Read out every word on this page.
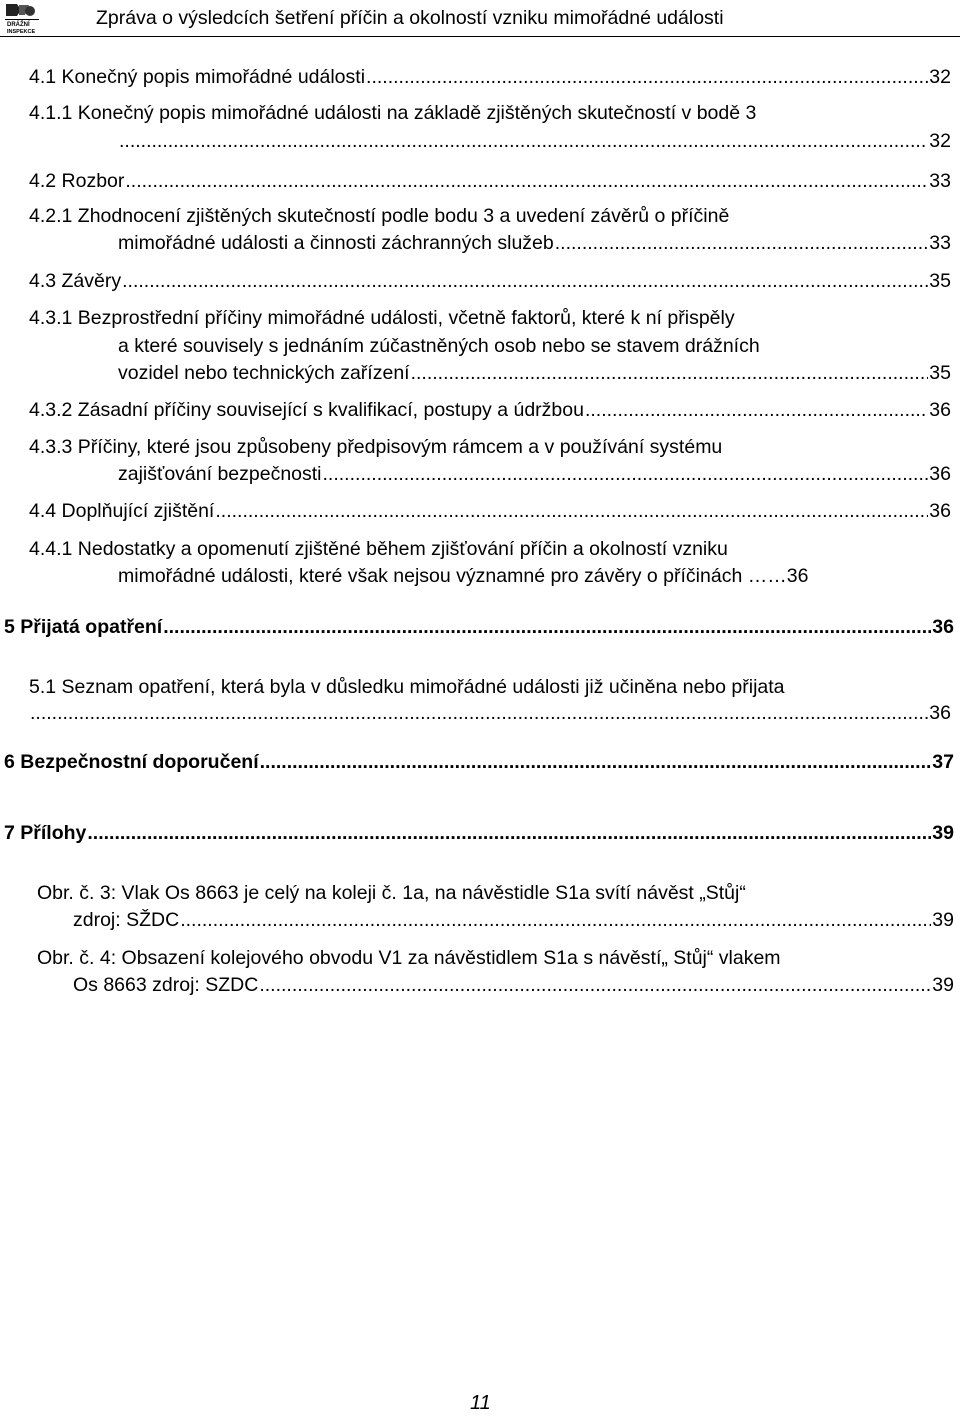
DRÁŽNÍ
INSPEKCE
Zpráva o výsledcích šetření příčin a okolností vzniku mimořádné události
4.1 Konečný popis mimořádné události .....	32
4.1.1 Konečný popis mimořádné události na základě zjištěných skutečností v bodě 3
.....
32
4.2 Rozbor .....	33
4.2.1 Zhodnocení zjištěných skutečností podle bodu 3 a uvedení závěrů o příčině
mimořádné události a činnosti záchranných služeb .....	33
4.3 Závěry .....	35
4.3.1 Bezprostřední příčiny mimořádné události, včetně faktorů, které k ní přispěly
a které souvisely s jednáním zúčastněných osob nebo se stavem drážních
vozidel nebo technických zařízení .....	35
4.3.2 Zásadní příčiny související s kvalifikací, postupy a údržbou .....	36
4.3.3 Příčiny, které jsou způsobeny předpisovým rámcem a v používání systému
zajišťování bezpečnosti .....	36
4.4 Doplňující zjištění .....	36
4.4.1 Nedostatky a opomenutí zjištěné během zjišťování příčin a okolností vzniku
mimořádné události, které však nejsou významné pro závěry o příčinách …… 36
5 Přijatá opatření .....	36
5.1 Seznam opatření, která byla v důsledku mimořádné události již učiněna nebo přijata
.....
36
6 Bezpečnostní doporučení .....	37
7 Přílohy .....	39
Obr. č. 3: Vlak Os 8663 je celý na koleji č. 1a, na návěstidle S1a svítí návěst „Stůj“
zdroj: SŽDC .....	39
Obr. č. 4: Obsazení kolejového obvodu V1 za návěstidlem S1a s návěstí„ Stůj“ vlakem
Os 8663 zdroj: SZDC .....	39
11
